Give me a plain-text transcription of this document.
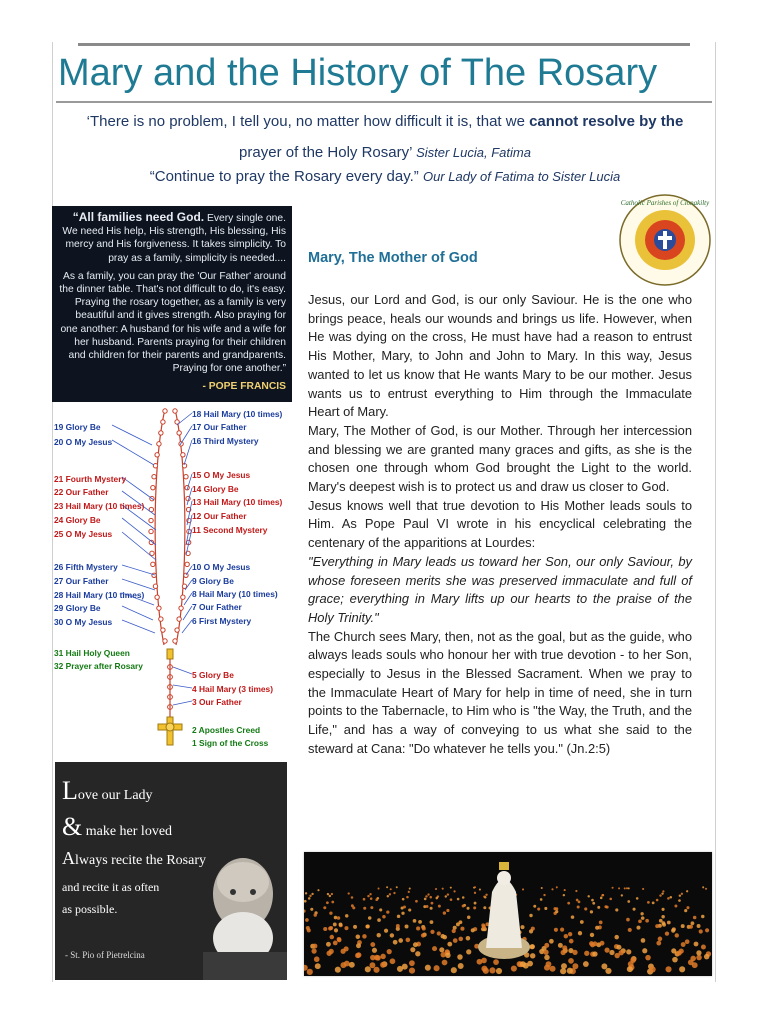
Mary and the History of The Rosary
‘There is no problem, I tell you, no matter how difficult it is, that we cannot resolve by the
prayer of the Holy Rosary’ Sister Lucia, Fatima
“Continue to pray the Rosary every day.” Our Lady of Fatima to Sister Lucia

“All families need God. Every single one. We need His help, His strength, His blessing, His mercy and His forgiveness. It takes simplicity. To pray as a family, simplicity is needed....

As a family, you can pray the 'Our Father' around the dinner table. That's not difficult to do, it's easy. Praying the rosary together, as a family is very beautiful and it gives strength. Also praying for one another: A husband for his wife and a wife for her husband. Parents praying for their children and children for their parents and grandparents. Praying for one another.”

- POPE FRANCIS
18 Hail Mary (10 times)
19 Glory Be	17 Our Father
20 O My Jesus	16 Third Mystery
15 O My Jesus
21 Fourth Mystery
14 Glory Be
22 Our Father
13 Hail Mary (10 times)
23 Hail Mary (10 times)
12 Our Father
24 Glory Be
11 Second Mystery
25 O My Jesus
26 Fifth Mystery	10 O My Jesus
27 Our Father	9 Glory Be
28 Hail Mary (10 times)	8 Hail Mary (10 times)
29 Glory Be	7 Our Father
30 O My Jesus	6 First Mystery
31 Hail Holy Queen
32 Prayer after Rosary
5 Glory Be
4 Hail Mary (3 times)
3 Our Father
2 Apostles Creed
1 Sign of the Cross
Love our Lady
& make her loved
Always recite the Rosary
and recite it as often
as possible.
- St. Pio of Pietrelcina
Catholic Parishes of Clonakilty
Mary, The Mother of God

Jesus, our Lord and God, is our only Saviour. He is the one who brings peace, heals our wounds and brings us life. However, when He was dying on the cross, He must have had a reason to entrust His Mother, Mary, to John and John to Mary. In this way, Jesus wanted to let us know that He wants Mary to be our mother. Jesus wants us to entrust everything to Him through the Immaculate Heart of Mary.

Mary, The Mother of God, is our Mother. Through her intercession and blessing we are granted many graces and gifts, as she is the chosen one through whom God brought the Light to the world. Mary's deepest wish is to protect us and draw us closer to God.

Jesus knows well that true devotion to His Mother leads souls to Him. As Pope Paul VI wrote in his encyclical celebrating the centenary of the apparitions at Lourdes:

"Everything in Mary leads us toward her Son, our only Saviour, by whose foreseen merits she was preserved immaculate and full of grace; everything in Mary lifts up our hearts to the praise of the Holy Trinity."

The Church sees Mary, then, not as the goal, but as the guide, who always leads souls who honour her with true devotion - to her Son, especially to Jesus in the Blessed Sacrament. When we pray to the Immaculate Heart of Mary for help in time of need, she in turn points to the Tabernacle, to Him who is "the Way, the Truth, and the Life," and has a way of conveying to us what she said to the steward at Cana: "Do whatever he tells you." (Jn.2:5)
